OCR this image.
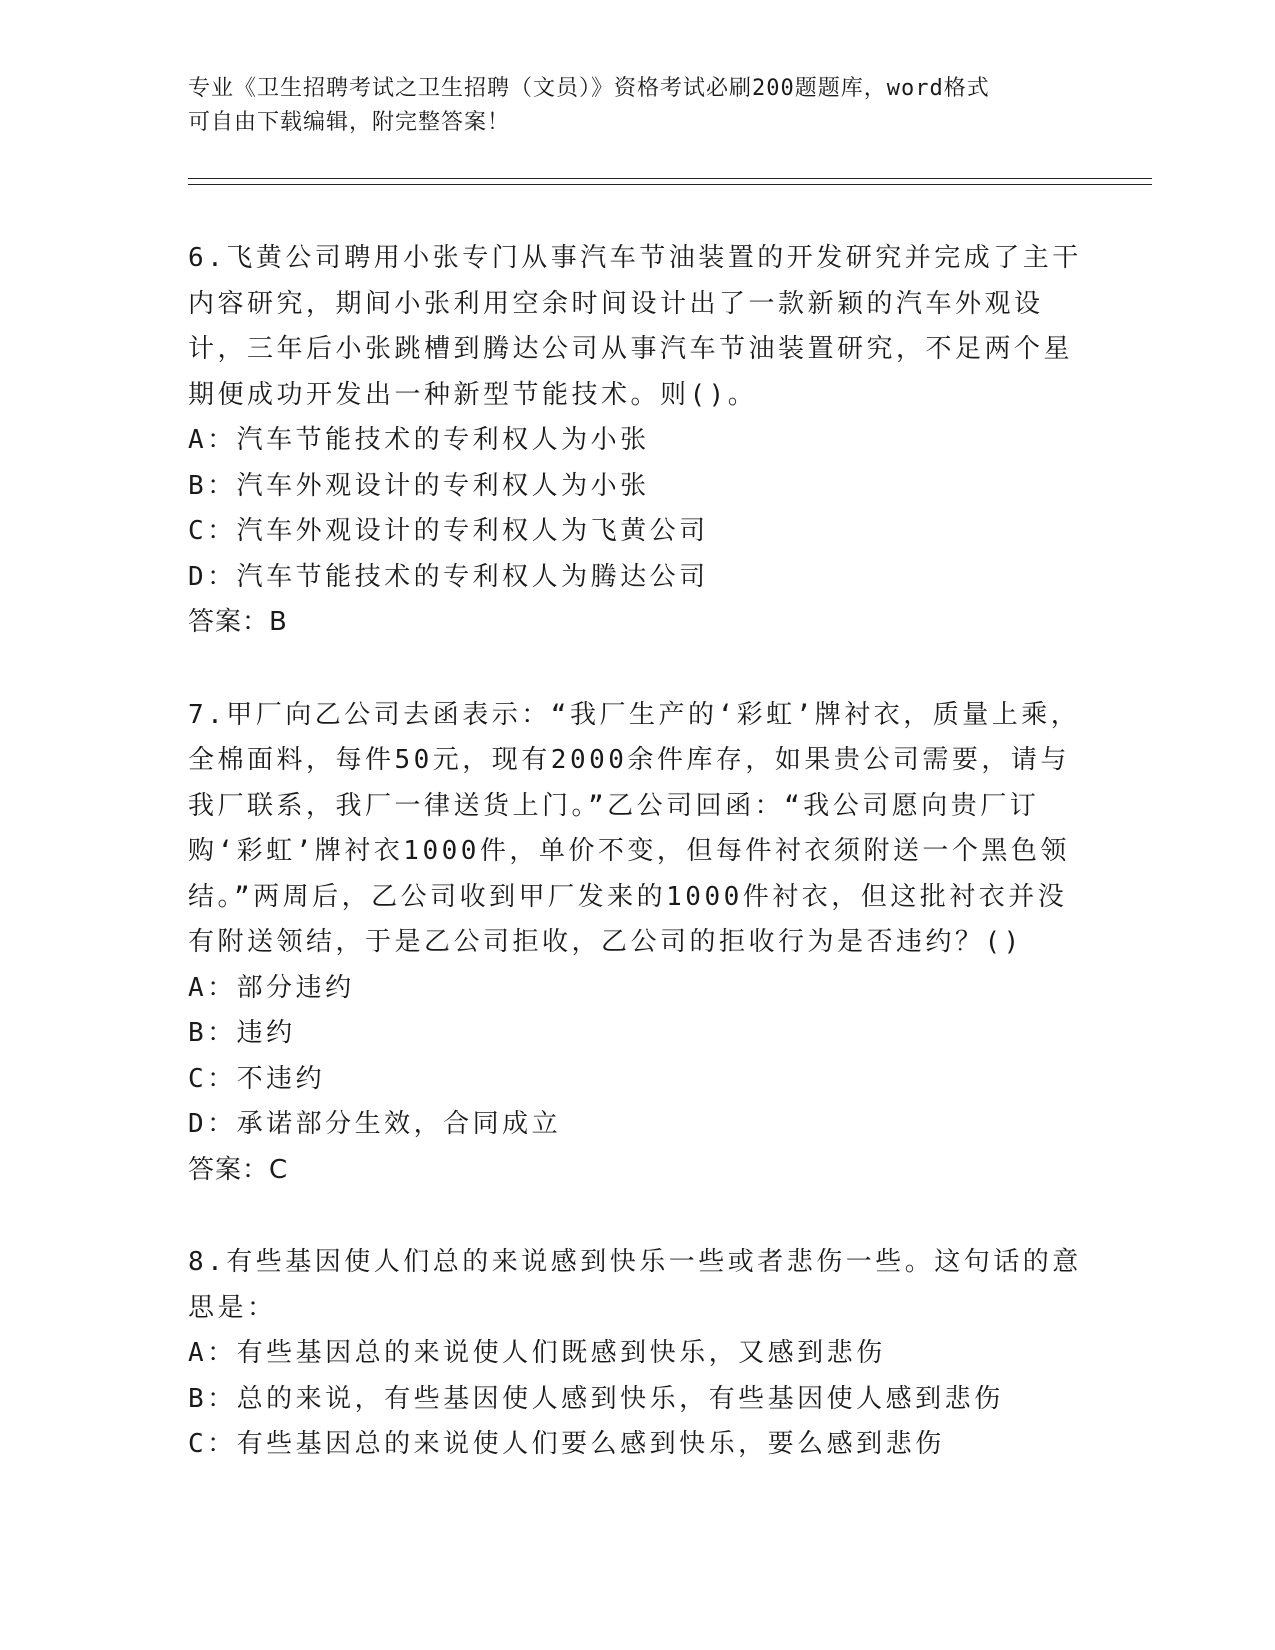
专业《卫生招聘考试之卫生招聘（文员）》资格考试必刷200题题库，word格式
可自由下载编辑，附完整答案！

6.飞黄公司聘用小张专门从事汽车节油装置的开发研究并完成了主干内容研究，期间小张利用空余时间设计出了一款新颖的汽车外观设计，三年后小张跳槽到腾达公司从事汽车节油装置研究，不足两个星期便成功开发出一种新型节能技术。则()。

A：汽车节能技术的专利权人为小张

B：汽车外观设计的专利权人为小张

C：汽车外观设计的专利权人为飞黄公司

D：汽车节能技术的专利权人为腾达公司

答案：B

7.甲厂向乙公司去函表示：“我厂生产的‘彩虹’牌衬衣，质量上乘，全棉面料，每件50元，现有2000余件库存，如果贵公司需要，请与我厂联系，我厂一律送货上门。”乙公司回函：“我公司愿向贵厂订购‘彩虹’牌衬衣1000件，单价不变，但每件衬衣须附送一个黑色领结。”两周后，乙公司收到甲厂发来的1000件衬衣，但这批衬衣并没有附送领结，于是乙公司拒收，乙公司的拒收行为是否违约？()

A：部分违约

B：违约

C：不违约

D：承诺部分生效，合同成立

答案：C

8.有些基因使人们总的来说感到快乐一些或者悲伤一些。这句话的意思是：

A：有些基因总的来说使人们既感到快乐，又感到悲伤

B：总的来说，有些基因使人感到快乐，有些基因使人感到悲伤

C：有些基因总的来说使人们要么感到快乐，要么感到悲伤
